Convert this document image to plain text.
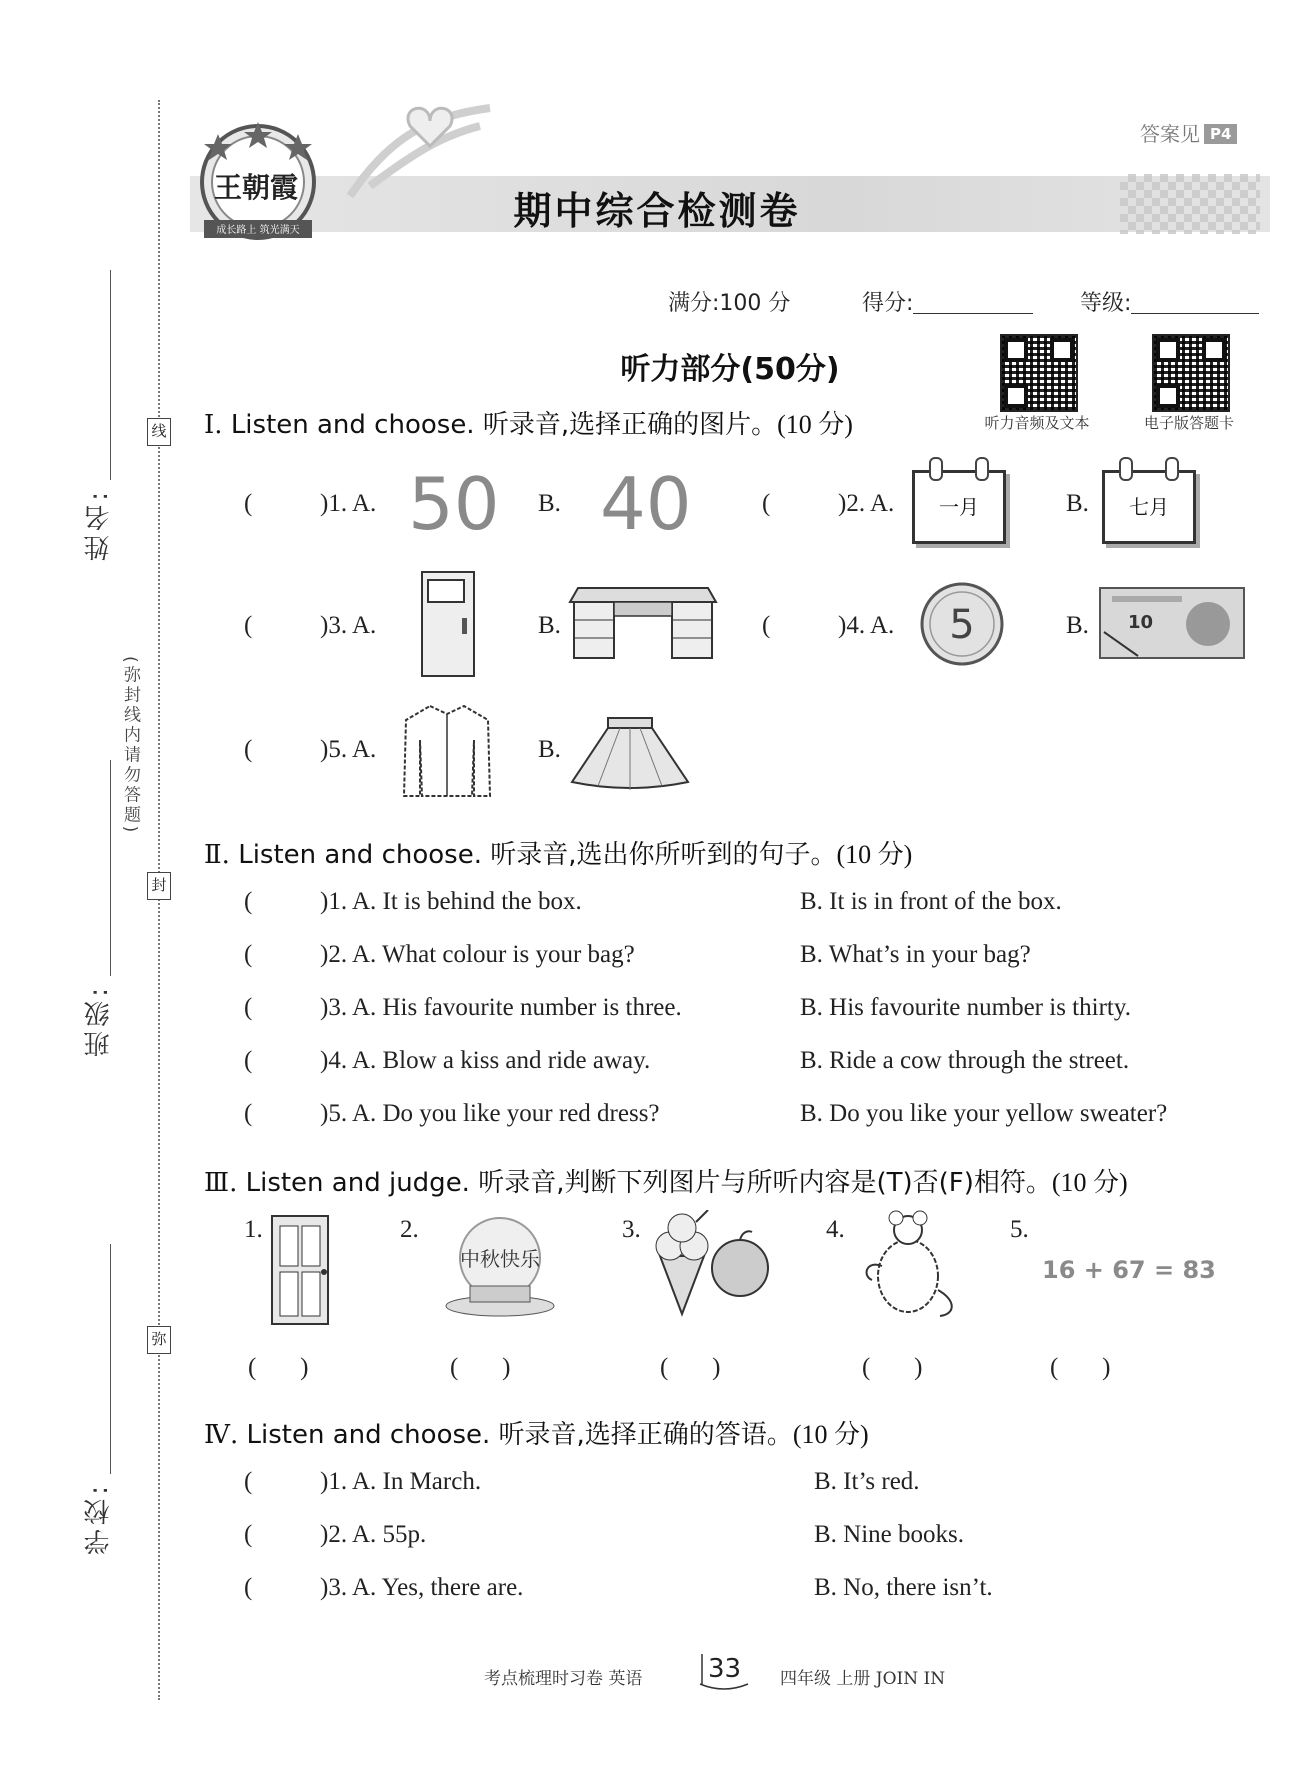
线
封
弥
(弥封线内请勿答题)
姓名:
班级:
学校:
王朝霞
成长路上 筑光满天
答案见 P4
期中综合检测卷
满分:100 分	得分:	等级:
听力部分(50分)
听力音频及文本	电子版答题卡
Ⅰ. Listen and choose. 听录音,选择正确的图片。(10 分)
(	)1. A. 50 B. 40	(	)2. A.	一月	B.	七月
(	)3. A.	B.	(	)4. A. 5	B. 10
(	)5. A.	B.
Ⅱ. Listen and choose. 听录音,选出你所听到的句子。(10 分)
(	)1. A. It is behind the box.	B. It is in front of the box.
(	)2. A. What colour is your bag?	B. What’s in your bag?
(	)3. A. His favourite number is three.	B. His favourite number is thirty.
(	)4. A. Blow a kiss and ride away.	B. Ride a cow through the street.
(	)5. A. Do you like your red dress?	B. Do you like your yellow sweater?
Ⅲ. Listen and judge. 听录音,判断下列图片与所听内容是(T)否(F)相符。(10 分)
1.	2.
中秋快乐
3.	4.	5.
16 + 67 = 83
(       )	(       )	(       )	(       )	(       )
Ⅳ. Listen and choose. 听录音,选择正确的答语。(10 分)
(	)1. A. In March.	B. It’s red.
(	)2. A. 55p.	B. Nine books.
(	)3. A. Yes, there are.	B. No, there isn’t.
考点梳理时习卷 英语	33 四年级 上册 JOIN IN
